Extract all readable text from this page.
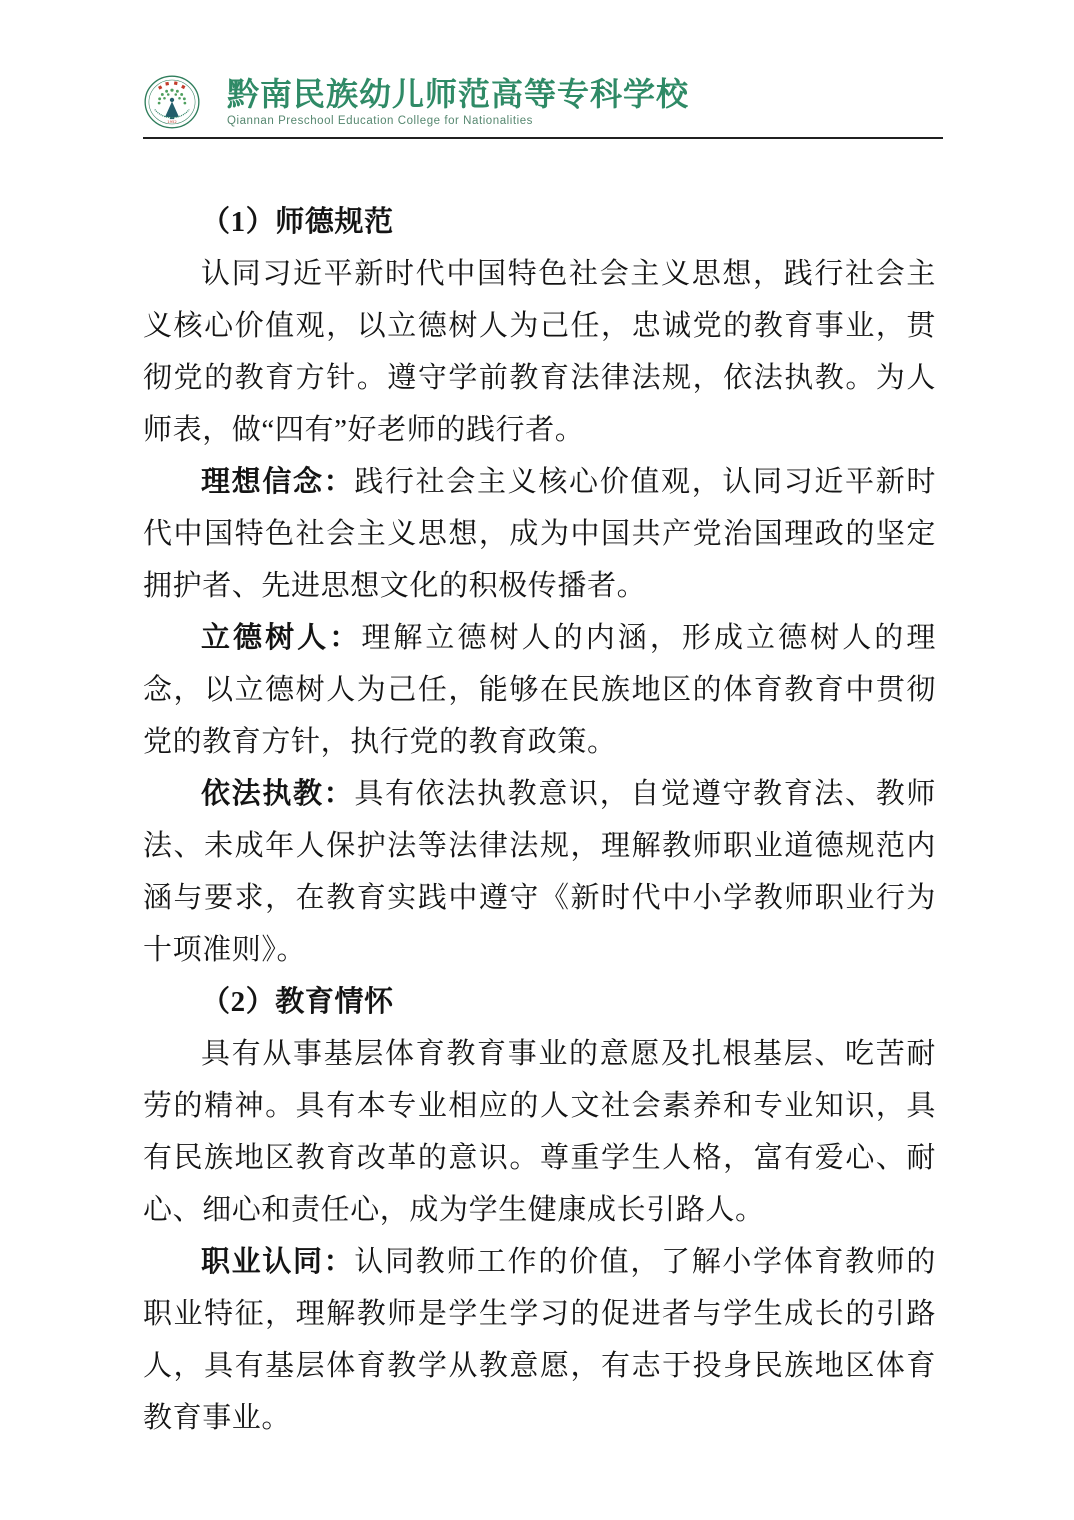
1952
黔南民族幼儿师范高等专科学校
Qiannan Preschool Education College for Nationalities
（1）师德规范

认同习近平新时代中国特色社会主义思想，践行社会主义核心价值观，以立德树人为己任，忠诚党的教育事业，贯彻党的教育方针。遵守学前教育法律法规，依法执教。为人师表，做“四有”好老师的践行者。

理想信念：践行社会主义核心价值观，认同习近平新时代中国特色社会主义思想，成为中国共产党治国理政的坚定拥护者、先进思想文化的积极传播者。

立德树人：理解立德树人的内涵，形成立德树人的理念，以立德树人为己任，能够在民族地区的体育教育中贯彻党的教育方针，执行党的教育政策。

依法执教：具有依法执教意识，自觉遵守教育法、教师法、未成年人保护法等法律法规，理解教师职业道德规范内涵与要求，在教育实践中遵守《新时代中小学教师职业行为十项准则》。

（2）教育情怀

具有从事基层体育教育事业的意愿及扎根基层、吃苦耐劳的精神。具有本专业相应的人文社会素养和专业知识，具有民族地区教育改革的意识。尊重学生人格，富有爱心、耐心、细心和责任心，成为学生健康成长引路人。

职业认同：认同教师工作的价值，了解小学体育教师的职业特征，理解教师是学生学习的促进者与学生成长的引路人，具有基层体育教学从教意愿，有志于投身民族地区体育教育事业。
